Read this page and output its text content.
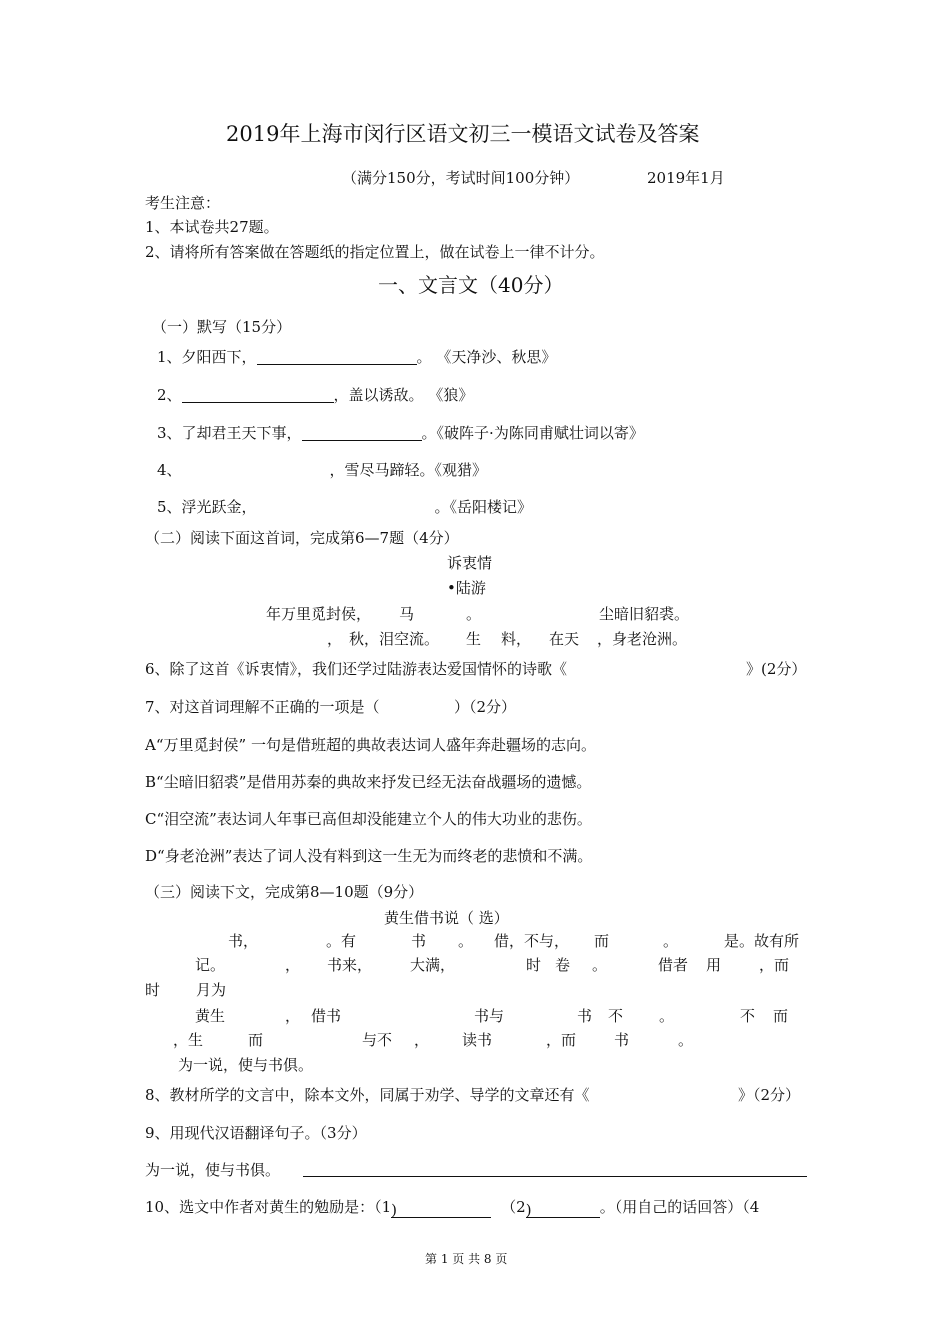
2019年上海市闵行区语文初三一模语文试卷及答案
（满分150分，考试时间100分钟）	2019年1月
考生注意：
1、本试卷共27题。
2、请将所有答案做在答题纸的指定位置上，做在试卷上一律不计分。
一、文言文（40分）
（一）默写（15分）
1、夕阳西下，	。 《天净沙、秋思》
2、	，盖以诱敌。 《狼》
3、了却君王天下事，	。《破阵子·为陈同甫赋壮词以寄》
4、	，雪尽马蹄轻。《观猎》
5、浮光跃金，	。《岳阳楼记》
（二）阅读下面这首词，完成第6—7题（4分）
诉衷情
•陆游
年万里觅封侯， 马	。	尘暗旧貂裘。
， 秋，泪空流。 生 料， 在天 ，身老沧洲。
6、除了这首《诉衷情》，我们还学过陆游表达爱国情怀的诗歌《	》(2分）
7、对这首词理解不正确的一项是（	）（2分）
A“万里觅封侯” 一句是借班超的典故表达词人盛年奔赴疆场的志向。
B“尘暗旧貂裘”是借用苏秦的典故来抒发已经无法奋战疆场的遗憾。
C“泪空流”表达词人年事已高但却没能建立个人的伟大功业的悲伤。
D“身老沧洲”表达了词人没有料到这一生无为而终老的悲愤和不满。
（三）阅读下文，完成第8—10题（9分）
黄生借书说（ 选）
书，	。有	书 。 借，不与， 而	。	是。故有所
记。	， 书来，	大满，	时 卷 。	借者 用	，而
时 月为
黄生	， 借书	书与	书 不 。	不 而
，生	而	与不 ， 读书	，而	书	。
为一说，使与书俱。
8、教材所学的文言中，除本文外，同属于劝学、导学的文章还有《	》（2分）
9、用现代汉语翻译句子。（3分）
为一说，使与书俱。
10、选文中作者对黄生的勉励是：（1)	（2)	。（用自己的话回答）（4
第 1 页 共 8 页
